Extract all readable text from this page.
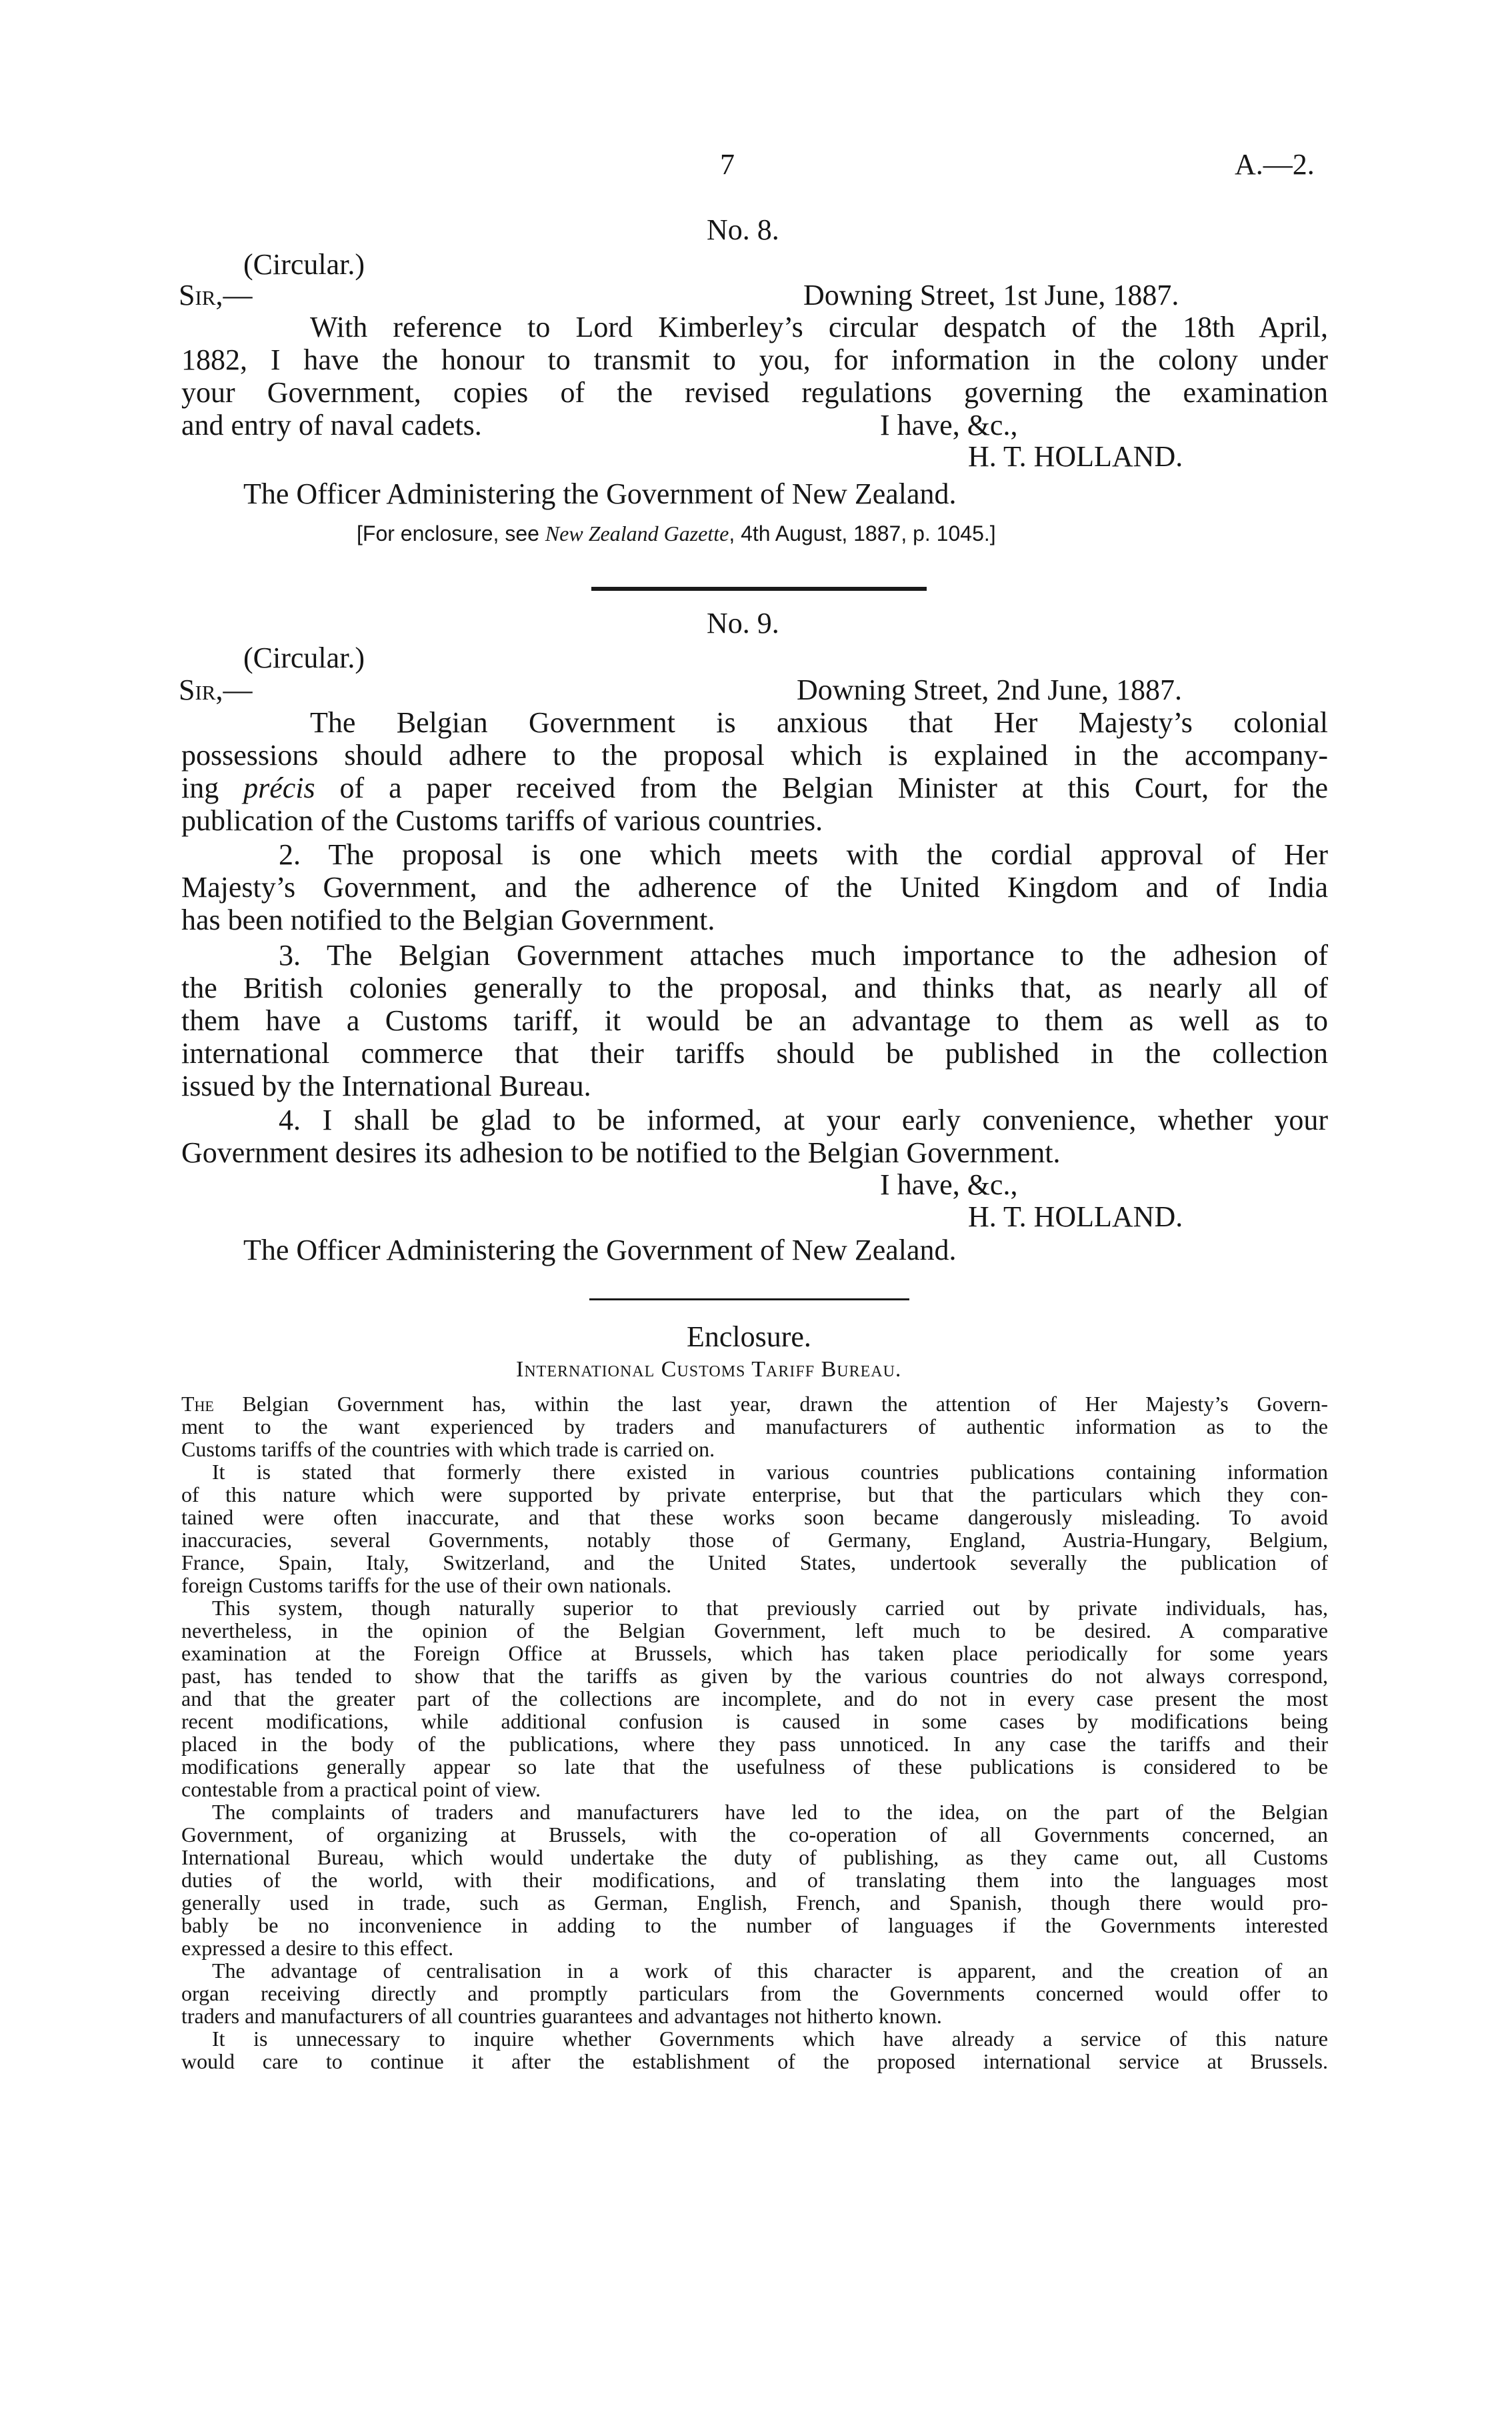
7	A.—2.
No. 8.
(Circular.)
Sir,—	Downing Street, 1st June, 1887.

With reference to Lord Kimberley’s circular despatch of the 18th April,

1882, I have the honour to transmit to you, for information in the colony under

your Government, copies of the revised regulations governing the examination

and entry of naval cadets.	I have, &c.,
H. T. HOLLAND.
The Officer Administering the Government of New Zealand.
[For enclosure, see New Zealand Gazette, 4th August, 1887, p. 1045.]
No. 9.
(Circular.)
Sir,—	Downing Street, 2nd June, 1887.

The Belgian Government is anxious that Her Majesty’s colonial

possessions should adhere to the proposal which is explained in the accompany-

ing précis of a paper received from the Belgian Minister at this Court, for the

publication of the Customs tariffs of various countries.

2. The proposal is one which meets with the cordial approval of Her

Majesty’s Government, and the adherence of the United Kingdom and of India

has been notified to the Belgian Government.

3. The Belgian Government attaches much importance to the adhesion of

the British colonies generally to the proposal, and thinks that, as nearly all of

them have a Customs tariff, it would be an advantage to them as well as to

international commerce that their tariffs should be published in the collection

issued by the International Bureau.

4. I shall be glad to be informed, at your early convenience, whether your

Government desires its adhesion to be notified to the Belgian Government.
I have, &c.,
H. T. HOLLAND.
The Officer Administering the Government of New Zealand.
Enclosure.
International Customs Tariff Bureau.

The Belgian Government has, within the last year, drawn the attention of Her Majesty’s Govern-

ment to the want experienced by traders and manufacturers of authentic information as to the

Customs tariffs of the countries with which trade is carried on.

It is stated that formerly there existed in various countries publications containing information

of this nature which were supported by private enterprise, but that the particulars which they con-

tained were often inaccurate, and that these works soon became dangerously misleading. To avoid

inaccuracies, several Governments, notably those of Germany, England, Austria-Hungary, Belgium,

France, Spain, Italy, Switzerland, and the United States, undertook severally the publication of

foreign Customs tariffs for the use of their own nationals.

This system, though naturally superior to that previously carried out by private individuals, has,

nevertheless, in the opinion of the Belgian Government, left much to be desired. A comparative

examination at the Foreign Office at Brussels, which has taken place periodically for some years

past, has tended to show that the tariffs as given by the various countries do not always correspond,

and that the greater part of the collections are incomplete, and do not in every case present the most

recent modifications, while additional confusion is caused in some cases by modifications being

placed in the body of the publications, where they pass unnoticed. In any case the tariffs and their

modifications generally appear so late that the usefulness of these publications is considered to be

contestable from a practical point of view.

The complaints of traders and manufacturers have led to the idea, on the part of the Belgian

Government, of organizing at Brussels, with the co-operation of all Governments concerned, an

International Bureau, which would undertake the duty of publishing, as they came out, all Customs

duties of the world, with their modifications, and of translating them into the languages most

generally used in trade, such as German, English, French, and Spanish, though there would pro-

bably be no inconvenience in adding to the number of languages if the Governments interested

expressed a desire to this effect.

The advantage of centralisation in a work of this character is apparent, and the creation of an

organ receiving directly and promptly particulars from the Governments concerned would offer to

traders and manufacturers of all countries guarantees and advantages not hitherto known.

It is unnecessary to inquire whether Governments which have already a service of this nature

would care to continue it after the establishment of the proposed international service at Brussels.
